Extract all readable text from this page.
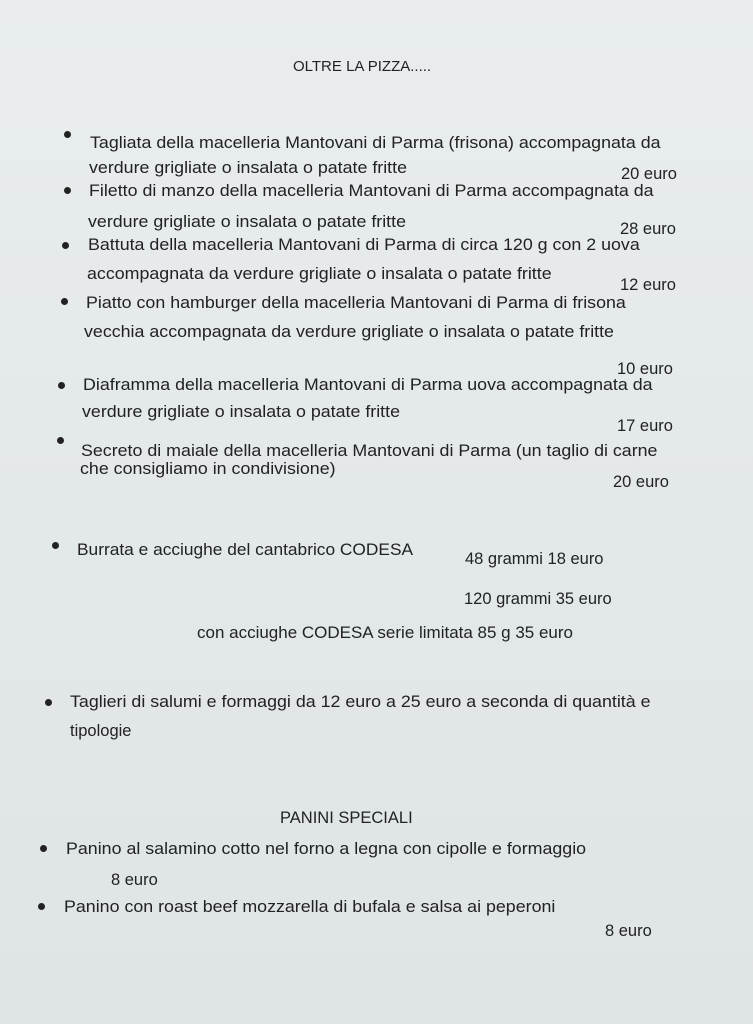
OLTRE LA PIZZA.....
Tagliata della macelleria Mantovani di Parma (frisona) accompagnata da
verdure grigliate o insalata o patate fritte	20 euro
Filetto di manzo della macelleria Mantovani di Parma accompagnata da
verdure grigliate o insalata o patate fritte	28 euro
Battuta della macelleria Mantovani di Parma di circa 120 g con 2 uova
accompagnata da verdure grigliate o insalata o patate fritte
12 euro
Piatto con hamburger della macelleria Mantovani di Parma di frisona
vecchia accompagnata da verdure grigliate o insalata o patate fritte
10 euro
Diaframma della macelleria Mantovani di Parma uova accompagnata da
verdure grigliate o insalata o patate fritte
17 euro
Secreto di maiale della macelleria Mantovani di Parma (un taglio di carne
che consigliamo in condivisione)
20 euro
Burrata e acciughe del cantabrico CODESA	48 grammi 18 euro
120 grammi 35 euro
con acciughe CODESA serie limitata 85 g 35 euro
Taglieri di salumi e formaggi da 12 euro a 25 euro a seconda di quantità e
tipologie
PANINI SPECIALI
Panino al salamino cotto nel forno a legna con cipolle e formaggio
8 euro
Panino con roast beef mozzarella di bufala e salsa ai peperoni
8 euro
